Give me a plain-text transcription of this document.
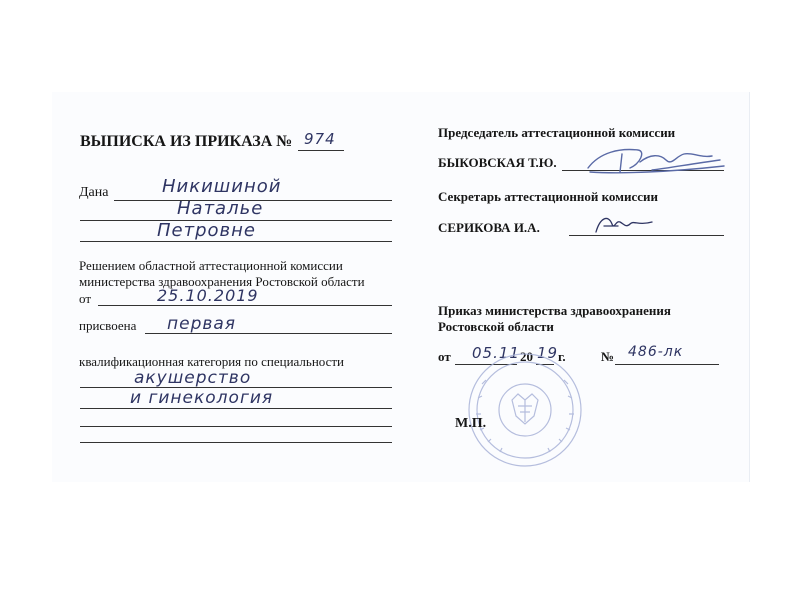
ВЫПИСКА ИЗ ПРИКАЗА № 974
Дана	Никишиной
Наталье
Петровне
Решением областной аттестационной комиссии
министерства здравоохранения Ростовской области
от	25.10.2019
присвоена первая
квалификационная категория по специальности
акушерство
и гинекология
Председатель аттестационной комиссии
БЫКОВСКАЯ Т.Ю.
Секретарь аттестационной комиссии
СЕРИКОВА И.А.
Приказ министерства здравоохранения
Ростовской области
от 05.11 20 19 г.	№ 486-лк
М.П.
